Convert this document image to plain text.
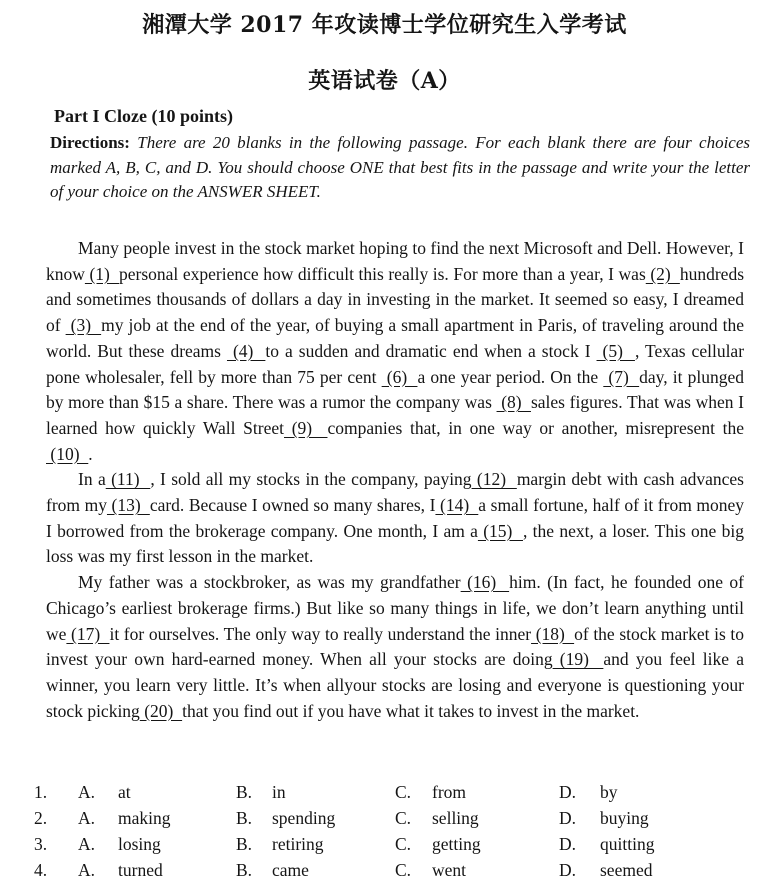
湘潭大学 2017 年攻读博士学位研究生入学考试
英语试卷（A）
Part I Cloze (10 points)

Directions: There are 20 blanks in the following passage. For each blank there are four choices marked A, B, C, and D. You should choose ONE that best fits in the passage and write your the letter of your choice on the ANSWER SHEET.

Many people invest in the stock market hoping to find the next Microsoft and Dell. However, I know (1)  personal experience how difficult this really is. For more than a year, I was (2)  hundreds and sometimes thousands of dollars a day in investing in the market. It seemed so easy, I dreamed of  (3)  my job at the end of the year, of buying a small apartment in Paris, of traveling around the world. But these dreams  (4)  to a sudden and dramatic end when a stock I  (5)  , Texas cellular pone wholesaler, fell by more than 75 per cent  (6)  a one year period. On the  (7)  day, it plunged by more than $15 a share. There was a rumor the company was  (8)  sales figures. That was when I learned how quickly Wall Street (9)  companies that, in one way or another, misrepresent the  (10)  .

In a (11)  , I sold all my stocks in the company, paying (12)  margin debt with cash advances from my (13)  card. Because I owned so many shares, I (14)  a small fortune, half of it from money I borrowed from the brokerage company. One month, I am a (15)  , the next, a loser. This one big loss was my first lesson in the market.

My father was a stockbroker, as was my grandfather (16)  him. (In fact, he founded one of Chicago’s earliest brokerage firms.) But like so many things in life, we don’t learn anything until we (17)  it for ourselves. The only way to really understand the inner (18)  of the stock market is to invest your own hard-earned money. When all your stocks are doing (19)  and you feel like a winner, you learn very little. It’s when allyour stocks are losing and everyone is questioning your stock picking (20)  that you find out if you have what it takes to invest in the market.

1. A. at	B. in	C. from	D. by
2. A. making	B. spending	C. selling	D. buying
3. A. losing	B. retiring	C. getting	D. quitting
4. A. turned	B. came	C. went	D. seemed
